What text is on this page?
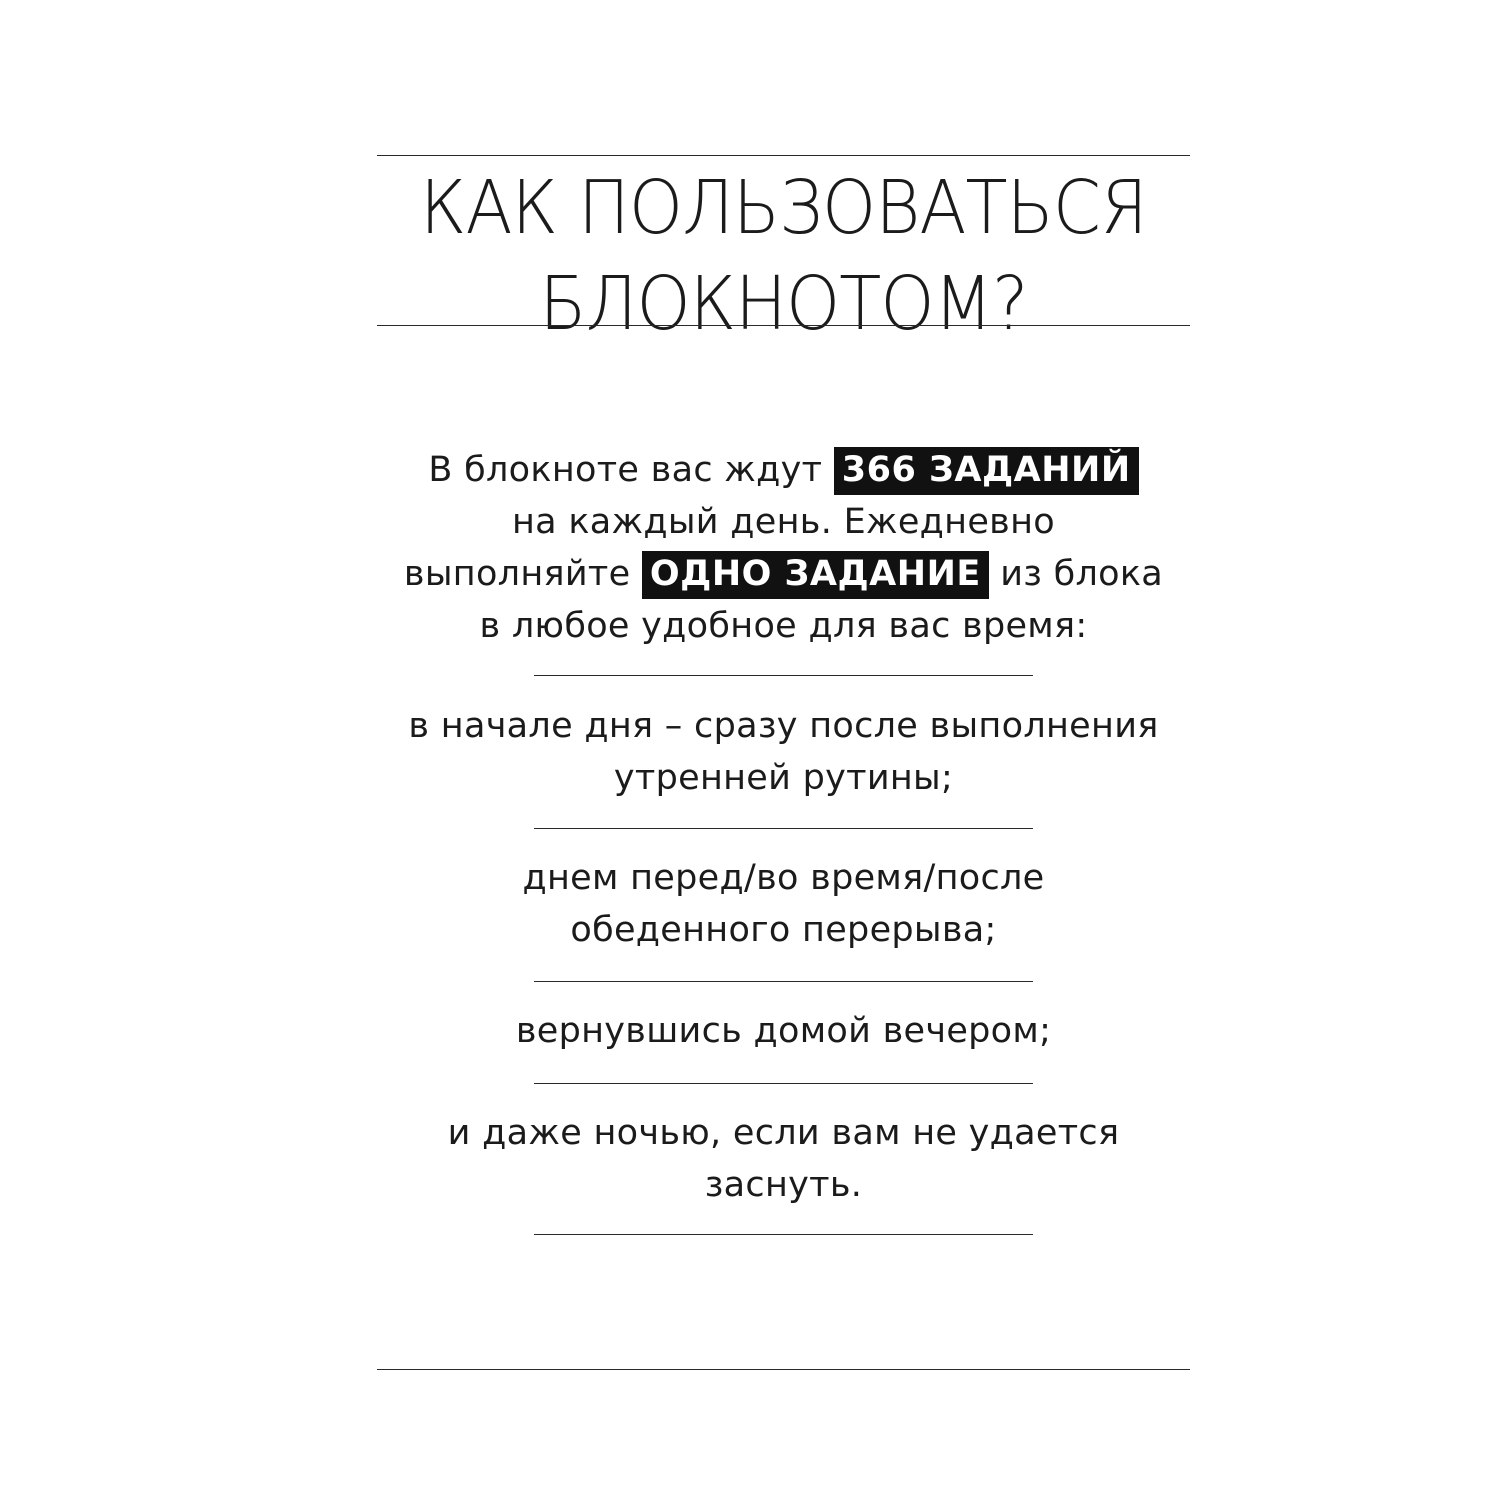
КАК ПОЛЬЗОВАТЬСЯ
БЛОКНОТОМ?
В блокноте вас ждут 366 ЗАДАНИЙ
на каждый день. Ежедневно
выполняйте ОДНО ЗАДАНИЕ из блока
в любое удобное для вас время:
в начале дня – сразу после выполнения
утренней рутины;
днем перед/во время/после
обеденного перерыва;
вернувшись домой вечером;
и даже ночью, если вам не удается
заснуть.
